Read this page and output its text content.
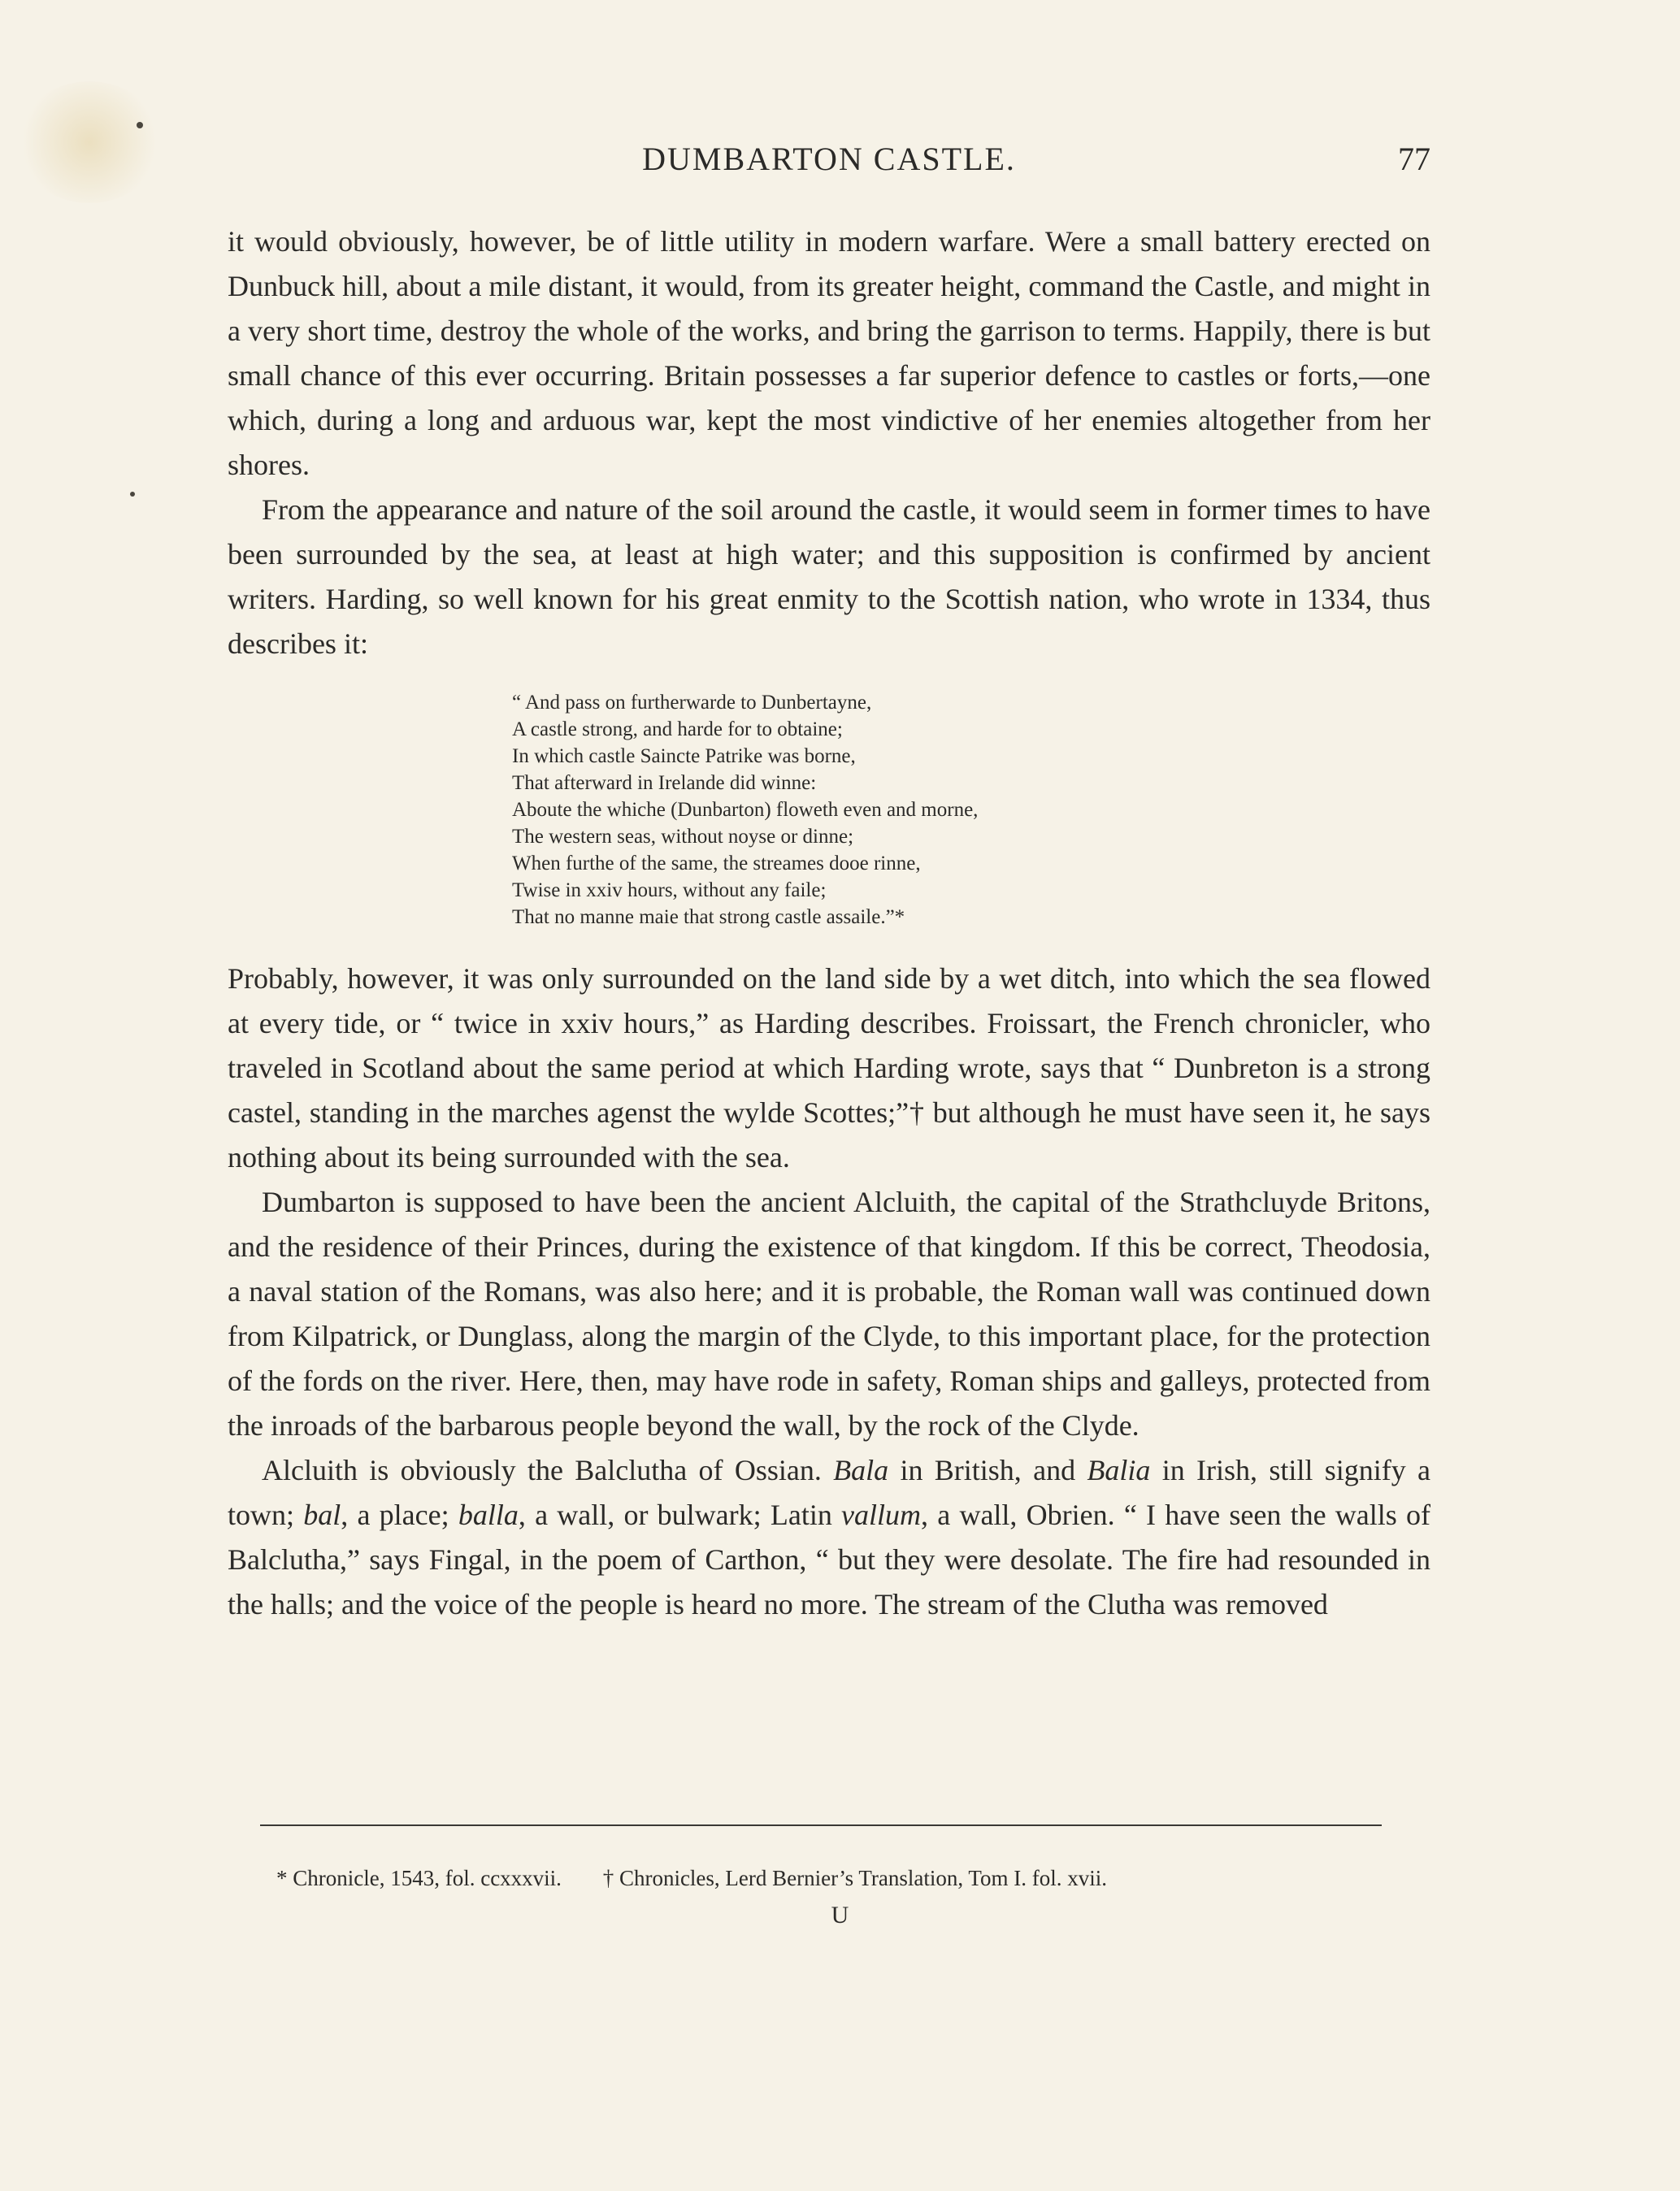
DUMBARTON CASTLE.	77

it would obviously, however, be of little utility in modern warfare. Were a small battery erected on Dunbuck hill, about a mile distant, it would, from its greater height, command the Castle, and might in a very short time, destroy the whole of the works, and bring the garrison to terms. Happily, there is but small chance of this ever occurring. Britain possesses a far superior defence to castles or forts,—one which, during a long and arduous war, kept the most vindictive of her enemies altogether from her shores.

From the appearance and nature of the soil around the castle, it would seem in former times to have been surrounded by the sea, at least at high water; and this supposition is confirmed by ancient writers. Harding, so well known for his great enmity to the Scottish nation, who wrote in 1334, thus describes it:

“ And pass on furtherwarde to Dunbertayne,
A castle strong, and harde for to obtaine;
In which castle Saincte Patrike was borne,
That afterward in Irelande did winne:
Aboute the whiche (Dunbarton) floweth even and morne,
The western seas, without noyse or dinne;
When furthe of the same, the streames dooe rinne,
Twise in xxiv hours, without any faile;
That no manne maie that strong castle assaile.”*

Probably, however, it was only surrounded on the land side by a wet ditch, into which the sea flowed at every tide, or “ twice in xxiv hours,” as Harding describes. Froissart, the French chronicler, who traveled in Scotland about the same period at which Harding wrote, says that “ Dunbreton is a strong castel, standing in the marches agenst the wylde Scottes;”† but although he must have seen it, he says nothing about its being surrounded with the sea.

Dumbarton is supposed to have been the ancient Alcluith, the capital of the Strathcluyde Britons, and the residence of their Princes, during the existence of that kingdom. If this be correct, Theodosia, a naval station of the Romans, was also here; and it is probable, the Roman wall was continued down from Kilpatrick, or Dunglass, along the margin of the Clyde, to this important place, for the protection of the fords on the river. Here, then, may have rode in safety, Roman ships and galleys, protected from the inroads of the barbarous people beyond the wall, by the rock of the Clyde.

Alcluith is obviously the Balclutha of Ossian. Bala in British, and Balia in Irish, still signify a town; bal, a place; balla, a wall, or bulwark; Latin vallum, a wall, Obrien. “ I have seen the walls of Balclutha,” says Fingal, in the poem of Carthon, “ but they were desolate. The fire had resounded in the halls; and the voice of the people is heard no more. The stream of the Clutha was removed

* Chronicle, 1543, fol. ccxxxvii. † Chronicles, Lerd Bernier’s Translation, Tom I. fol. xvii.
U
